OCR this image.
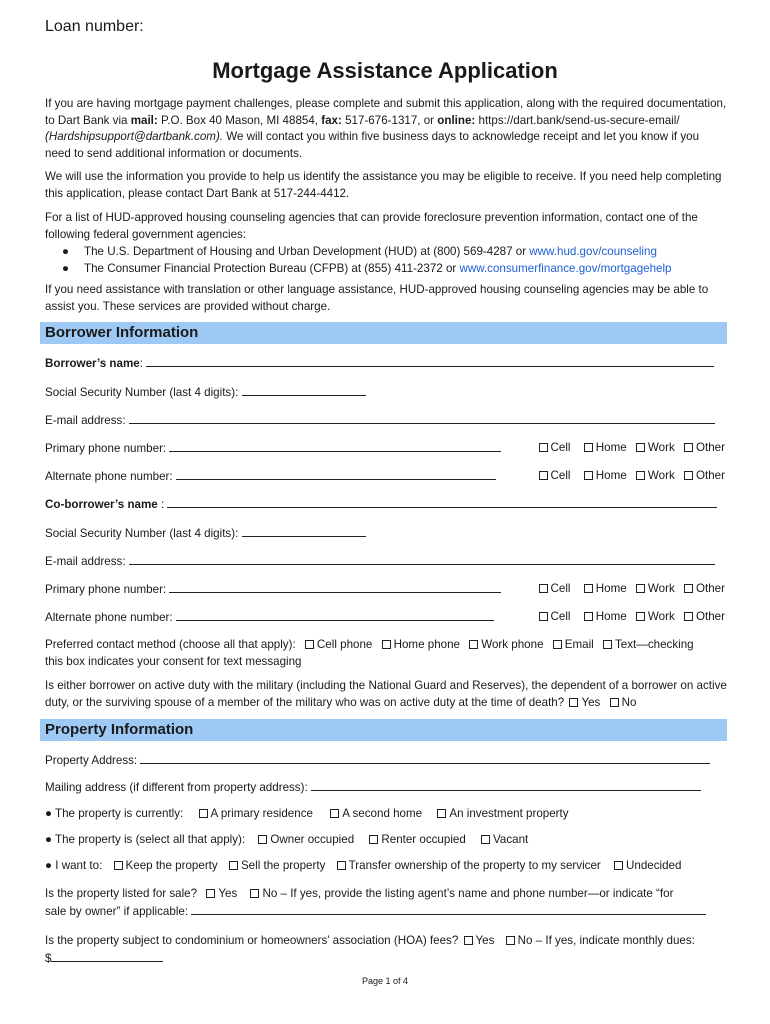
Loan number:
Mortgage Assistance Application
If you are having mortgage payment challenges, please complete and submit this application, along with the required documentation, to Dart Bank via mail: P.O. Box 40 Mason, MI 48854, fax: 517-676-1317, or online: https://dart.bank/send-us-secure-email/ (Hardshipsupport@dartbank.com). We will contact you within five business days to acknowledge receipt and let you know if you need to send additional information or documents.
We will use the information you provide to help us identify the assistance you may be eligible to receive. If you need help completing this application, please contact Dart Bank at 517-244-4412.
For a list of HUD-approved housing counseling agencies that can provide foreclosure prevention information, contact one of the following federal government agencies:
●	The U.S. Department of Housing and Urban Development (HUD) at (800) 569-4287 or www.hud.gov/counseling
●	The Consumer Financial Protection Bureau (CFPB) at (855) 411-2372 or www.consumerfinance.gov/mortgagehelp
If you need assistance with translation or other language assistance, HUD-approved housing counseling agencies may be able to assist you. These services are provided without charge.
Borrower Information
Borrower’s name:
Social Security Number (last 4 digits):
E-mail address:
Primary phone number:	Cell Home Work Other
Alternate phone number:	Cell Home Work Other
Co-borrower’s name :
Social Security Number (last 4 digits):
E-mail address:
Primary phone number:	Cell Home Work Other
Alternate phone number:	Cell Home Work Other
Preferred contact method (choose all that apply): Cell phone Home phone Work phone Email Text—checking
this box indicates your consent for text messaging
Is either borrower on active duty with the military (including the National Guard and Reserves), the dependent of a borrower on active duty, or the surviving spouse of a member of the military who was on active duty at the time of death? Yes No
Property Information
Property Address:
Mailing address (if different from property address):
● The property is currently: A primary residence	A second home An investment property
● The property is (select all that apply): Owner occupied Renter occupied Vacant
● I want to: Keep the property Sell the property Transfer ownership of the property to my servicer Undecided
Is the property listed for sale? Yes No – If yes, provide the listing agent’s name and phone number—or indicate “for
sale by owner” if applicable:
Is the property subject to condominium or homeowners’ association (HOA) fees? Yes No – If yes, indicate monthly dues:
$
Page 1 of 4
